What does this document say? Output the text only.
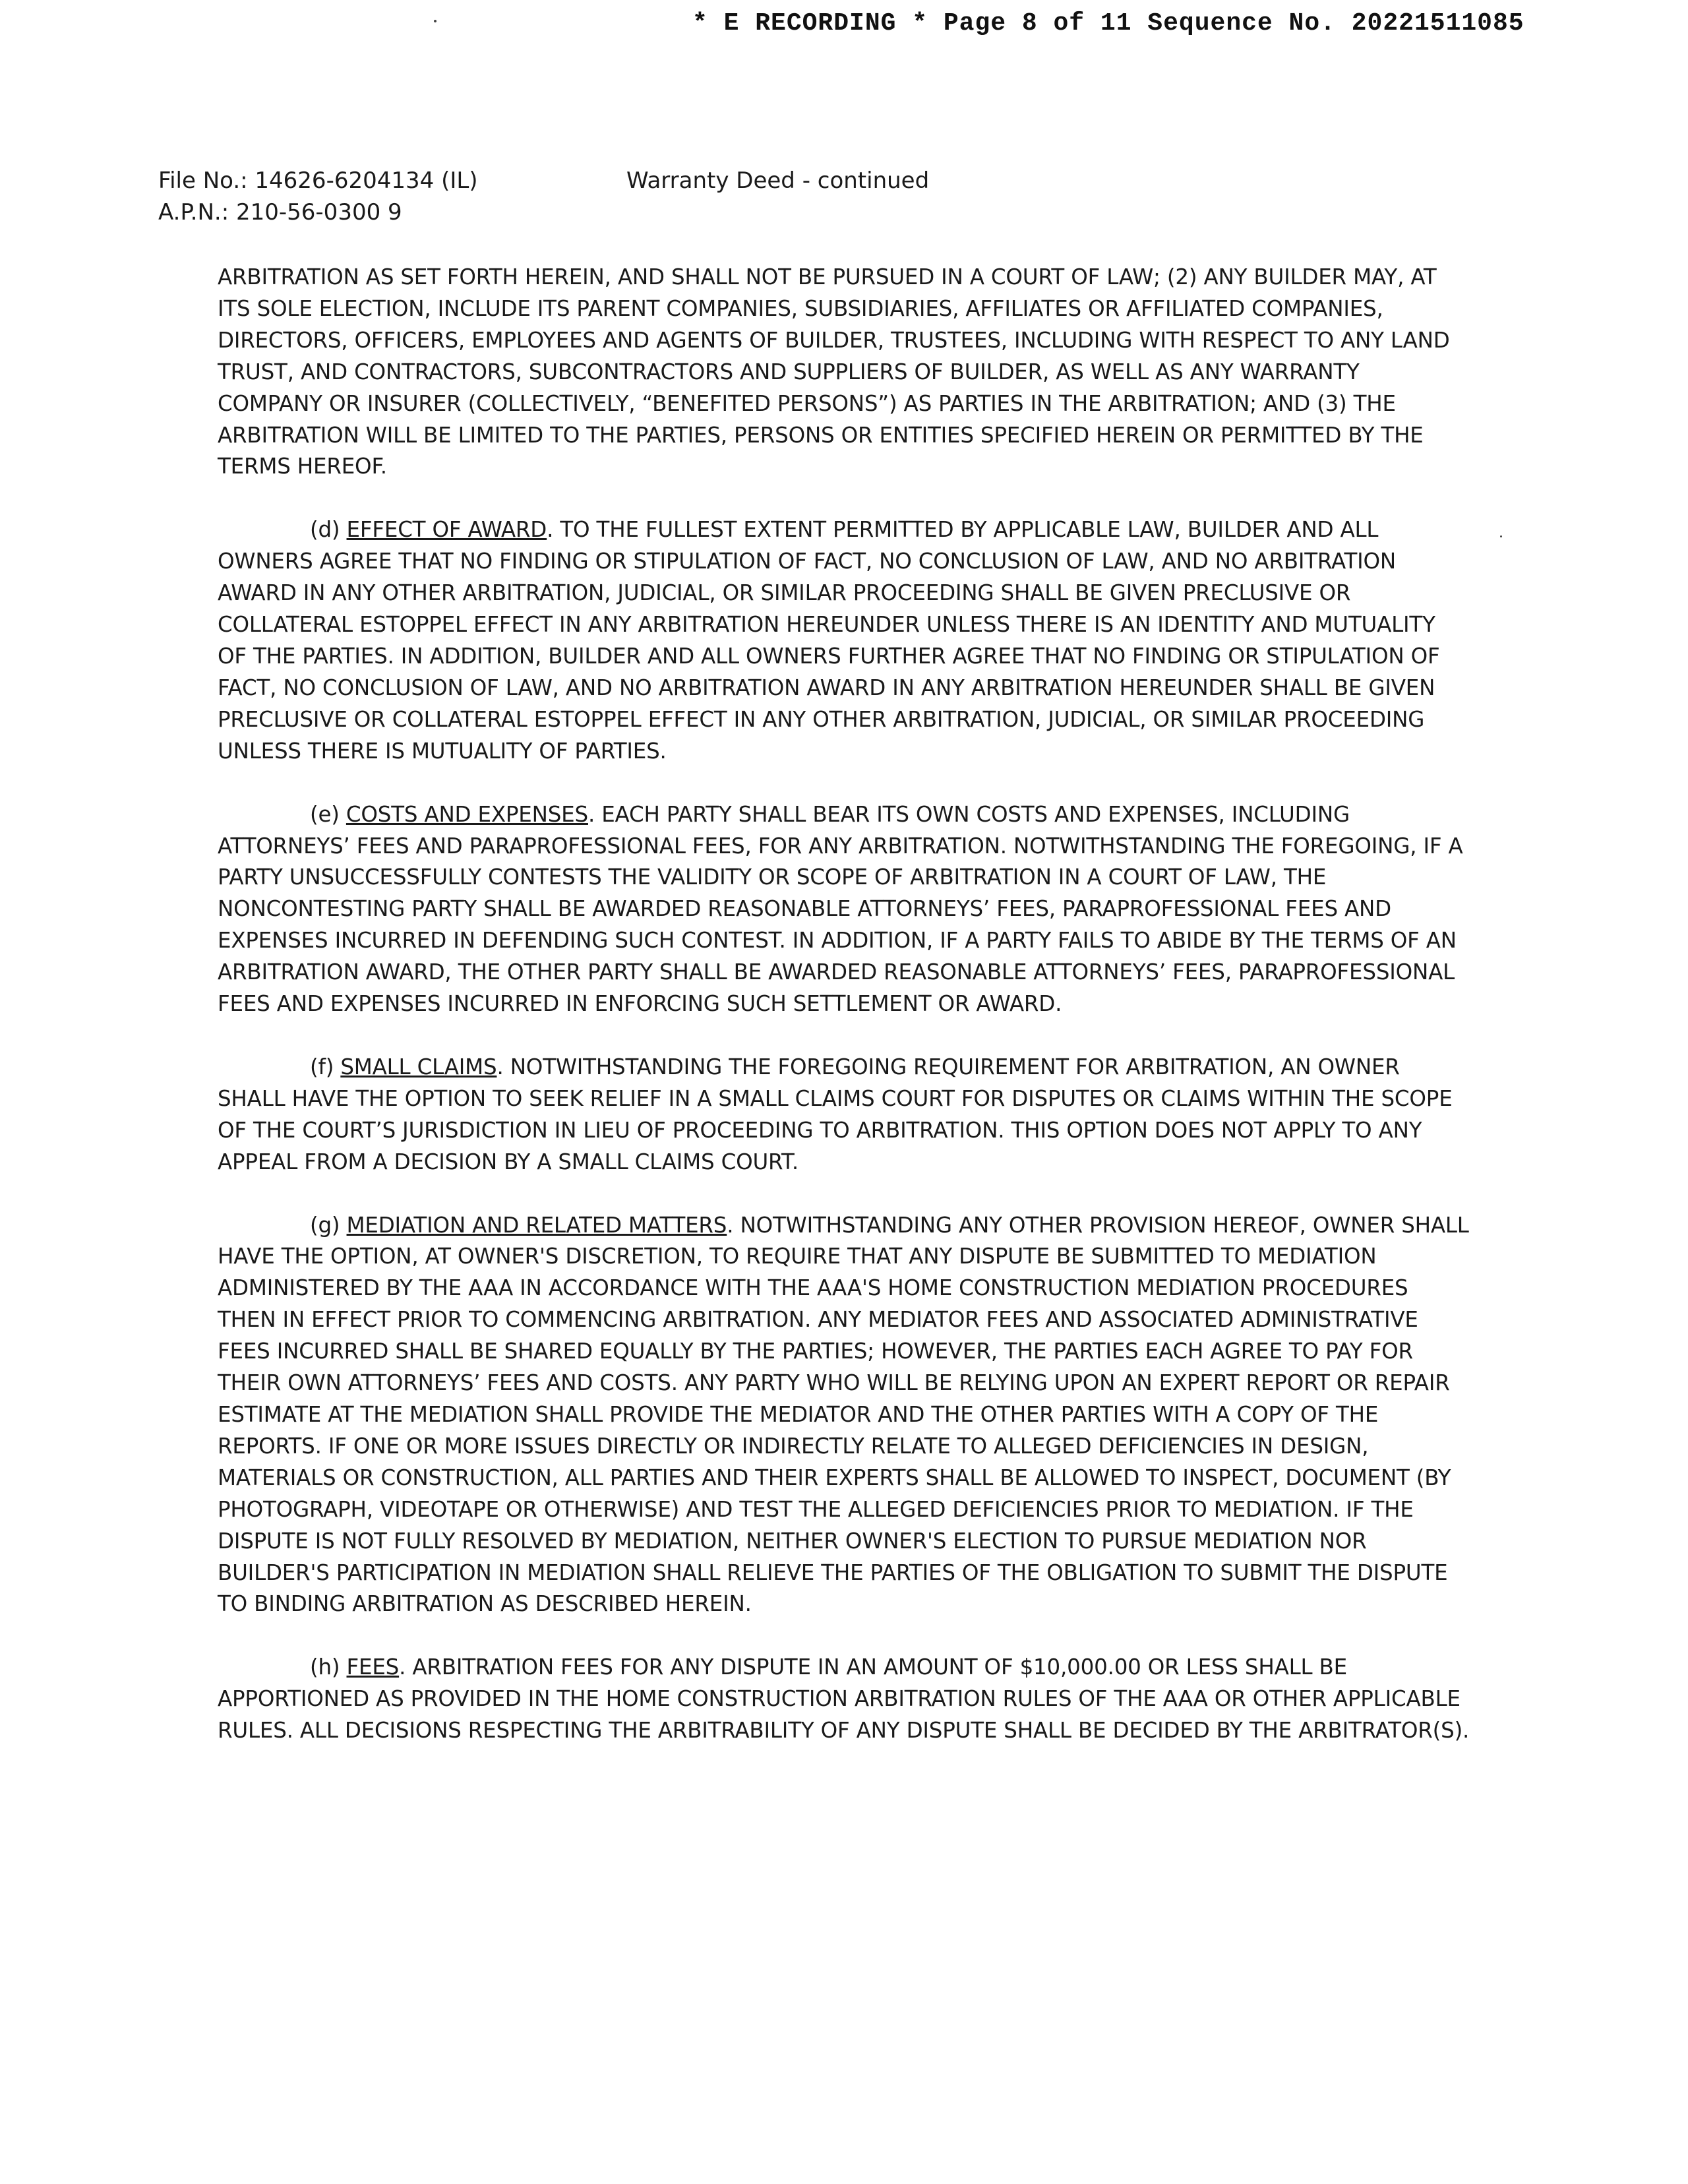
* E RECORDING * Page 8 of 11 Sequence No. 20221511085
File No.: 14626-6204134 (IL)
A.P.N.: 210-56-0300 9
Warranty Deed - continued

ARBITRATION AS SET FORTH HEREIN, AND SHALL NOT BE PURSUED IN A COURT OF LAW; (2) ANY BUILDER MAY, AT ITS SOLE ELECTION, INCLUDE ITS PARENT COMPANIES, SUBSIDIARIES, AFFILIATES OR AFFILIATED COMPANIES, DIRECTORS, OFFICERS, EMPLOYEES AND AGENTS OF BUILDER, TRUSTEES, INCLUDING WITH RESPECT TO ANY LAND TRUST, AND CONTRACTORS, SUBCONTRACTORS AND SUPPLIERS OF BUILDER, AS WELL AS ANY WARRANTY COMPANY OR INSURER (COLLECTIVELY, “BENEFITED PERSONS”) AS PARTIES IN THE ARBITRATION; AND (3) THE ARBITRATION WILL BE LIMITED TO THE PARTIES, PERSONS OR ENTITIES SPECIFIED HEREIN OR PERMITTED BY THE TERMS HEREOF.

(d) EFFECT OF AWARD. TO THE FULLEST EXTENT PERMITTED BY APPLICABLE LAW, BUILDER AND ALL OWNERS AGREE THAT NO FINDING OR STIPULATION OF FACT, NO CONCLUSION OF LAW, AND NO ARBITRATION AWARD IN ANY OTHER ARBITRATION, JUDICIAL, OR SIMILAR PROCEEDING SHALL BE GIVEN PRECLUSIVE OR COLLATERAL ESTOPPEL EFFECT IN ANY ARBITRATION HEREUNDER UNLESS THERE IS AN IDENTITY AND MUTUALITY OF THE PARTIES. IN ADDITION, BUILDER AND ALL OWNERS FURTHER AGREE THAT NO FINDING OR STIPULATION OF FACT, NO CONCLUSION OF LAW, AND NO ARBITRATION AWARD IN ANY ARBITRATION HEREUNDER SHALL BE GIVEN PRECLUSIVE OR COLLATERAL ESTOPPEL EFFECT IN ANY OTHER ARBITRATION, JUDICIAL, OR SIMILAR PROCEEDING UNLESS THERE IS MUTUALITY OF PARTIES.

(e) COSTS AND EXPENSES. EACH PARTY SHALL BEAR ITS OWN COSTS AND EXPENSES, INCLUDING ATTORNEYS’ FEES AND PARAPROFESSIONAL FEES, FOR ANY ARBITRATION. NOTWITHSTANDING THE FOREGOING, IF A PARTY UNSUCCESSFULLY CONTESTS THE VALIDITY OR SCOPE OF ARBITRATION IN A COURT OF LAW, THE NONCONTESTING PARTY SHALL BE AWARDED REASONABLE ATTORNEYS’ FEES, PARAPROFESSIONAL FEES AND EXPENSES INCURRED IN DEFENDING SUCH CONTEST. IN ADDITION, IF A PARTY FAILS TO ABIDE BY THE TERMS OF AN ARBITRATION AWARD, THE OTHER PARTY SHALL BE AWARDED REASONABLE ATTORNEYS’ FEES, PARAPROFESSIONAL FEES AND EXPENSES INCURRED IN ENFORCING SUCH SETTLEMENT OR AWARD.

(f) SMALL CLAIMS. NOTWITHSTANDING THE FOREGOING REQUIREMENT FOR ARBITRATION, AN OWNER SHALL HAVE THE OPTION TO SEEK RELIEF IN A SMALL CLAIMS COURT FOR DISPUTES OR CLAIMS WITHIN THE SCOPE OF THE COURT’S JURISDICTION IN LIEU OF PROCEEDING TO ARBITRATION. THIS OPTION DOES NOT APPLY TO ANY APPEAL FROM A DECISION BY A SMALL CLAIMS COURT.

(g) MEDIATION AND RELATED MATTERS. NOTWITHSTANDING ANY OTHER PROVISION HEREOF, OWNER SHALL HAVE THE OPTION, AT OWNER'S DISCRETION, TO REQUIRE THAT ANY DISPUTE BE SUBMITTED TO MEDIATION ADMINISTERED BY THE AAA IN ACCORDANCE WITH THE AAA'S HOME CONSTRUCTION MEDIATION PROCEDURES THEN IN EFFECT PRIOR TO COMMENCING ARBITRATION. ANY MEDIATOR FEES AND ASSOCIATED ADMINISTRATIVE FEES INCURRED SHALL BE SHARED EQUALLY BY THE PARTIES; HOWEVER, THE PARTIES EACH AGREE TO PAY FOR THEIR OWN ATTORNEYS’ FEES AND COSTS. ANY PARTY WHO WILL BE RELYING UPON AN EXPERT REPORT OR REPAIR ESTIMATE AT THE MEDIATION SHALL PROVIDE THE MEDIATOR AND THE OTHER PARTIES WITH A COPY OF THE REPORTS. IF ONE OR MORE ISSUES DIRECTLY OR INDIRECTLY RELATE TO ALLEGED DEFICIENCIES IN DESIGN, MATERIALS OR CONSTRUCTION, ALL PARTIES AND THEIR EXPERTS SHALL BE ALLOWED TO INSPECT, DOCUMENT (BY PHOTOGRAPH, VIDEOTAPE OR OTHERWISE) AND TEST THE ALLEGED DEFICIENCIES PRIOR TO MEDIATION. IF THE DISPUTE IS NOT FULLY RESOLVED BY MEDIATION, NEITHER OWNER'S ELECTION TO PURSUE MEDIATION NOR BUILDER'S PARTICIPATION IN MEDIATION SHALL RELIEVE THE PARTIES OF THE OBLIGATION TO SUBMIT THE DISPUTE TO BINDING ARBITRATION AS DESCRIBED HEREIN.

(h) FEES. ARBITRATION FEES FOR ANY DISPUTE IN AN AMOUNT OF $10,000.00 OR LESS SHALL BE APPORTIONED AS PROVIDED IN THE HOME CONSTRUCTION ARBITRATION RULES OF THE AAA OR OTHER APPLICABLE RULES. ALL DECISIONS RESPECTING THE ARBITRABILITY OF ANY DISPUTE SHALL BE DECIDED BY THE ARBITRATOR(S).
